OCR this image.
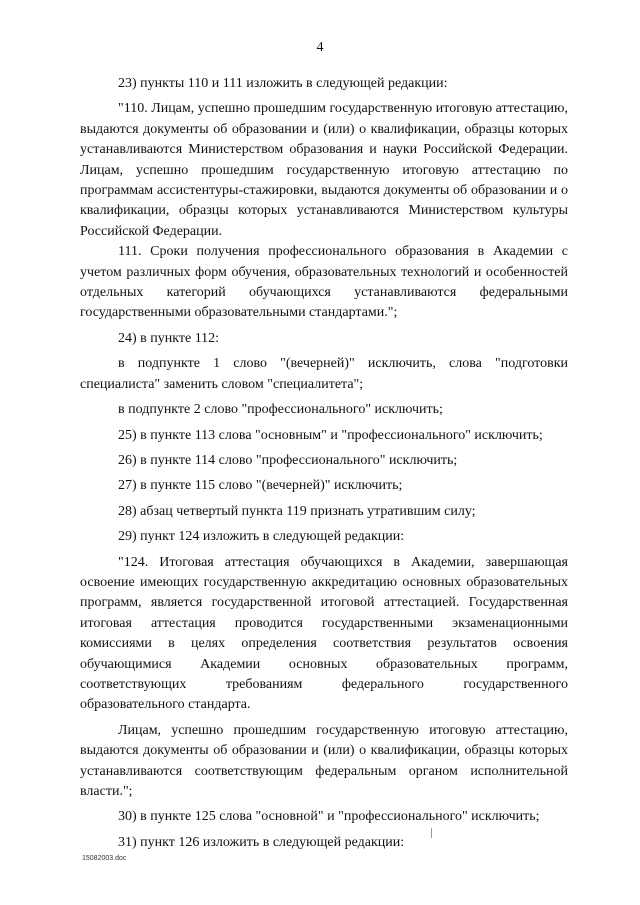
4

23) пункты 110 и 111 изложить в следующей редакции:

"110. Лицам, успешно прошедшим государственную итоговую аттестацию, выдаются документы об образовании и (или) о квалификации, образцы которых устанавливаются Министерством образования и науки Российской Федерации. Лицам, успешно прошедшим государственную итоговую аттестацию по программам ассистентуры-стажировки, выдаются документы об образовании и о квалификации, образцы которых устанавливаются Министерством культуры Российской Федерации.

111. Сроки получения профессионального образования в Академии с учетом различных форм обучения, образовательных технологий и особенностей отдельных категорий обучающихся устанавливаются федеральными государственными образовательными стандартами.";

24) в пункте 112:

в подпункте 1 слово "(вечерней)" исключить, слова "подготовки специалиста" заменить словом "специалитета";

в подпункте 2 слово "профессионального" исключить;

25) в пункте 113 слова "основным" и "профессионального" исключить;

26) в пункте 114 слово "профессионального" исключить;

27) в пункте 115 слово "(вечерней)" исключить;

28) абзац четвертый пункта 119 признать утратившим силу;

29) пункт 124 изложить в следующей редакции:

"124. Итоговая аттестация обучающихся в Академии, завершающая освоение имеющих государственную аккредитацию основных образовательных программ, является государственной итоговой аттестацией. Государственная итоговая аттестация проводится государственными экзаменационными комиссиями в целях определения соответствия результатов освоения обучающимися Академии основных образовательных программ, соответствующих требованиям федерального государственного образовательного стандарта.

Лицам, успешно прошедшим государственную итоговую аттестацию, выдаются документы об образовании и (или) о квалификации, образцы которых устанавливаются соответствующим федеральным органом исполнительной власти.";

30) в пункте 125 слова "основной" и "профессионального" исключить;

31) пункт 126 изложить в следующей редакции:

15082003.doc
